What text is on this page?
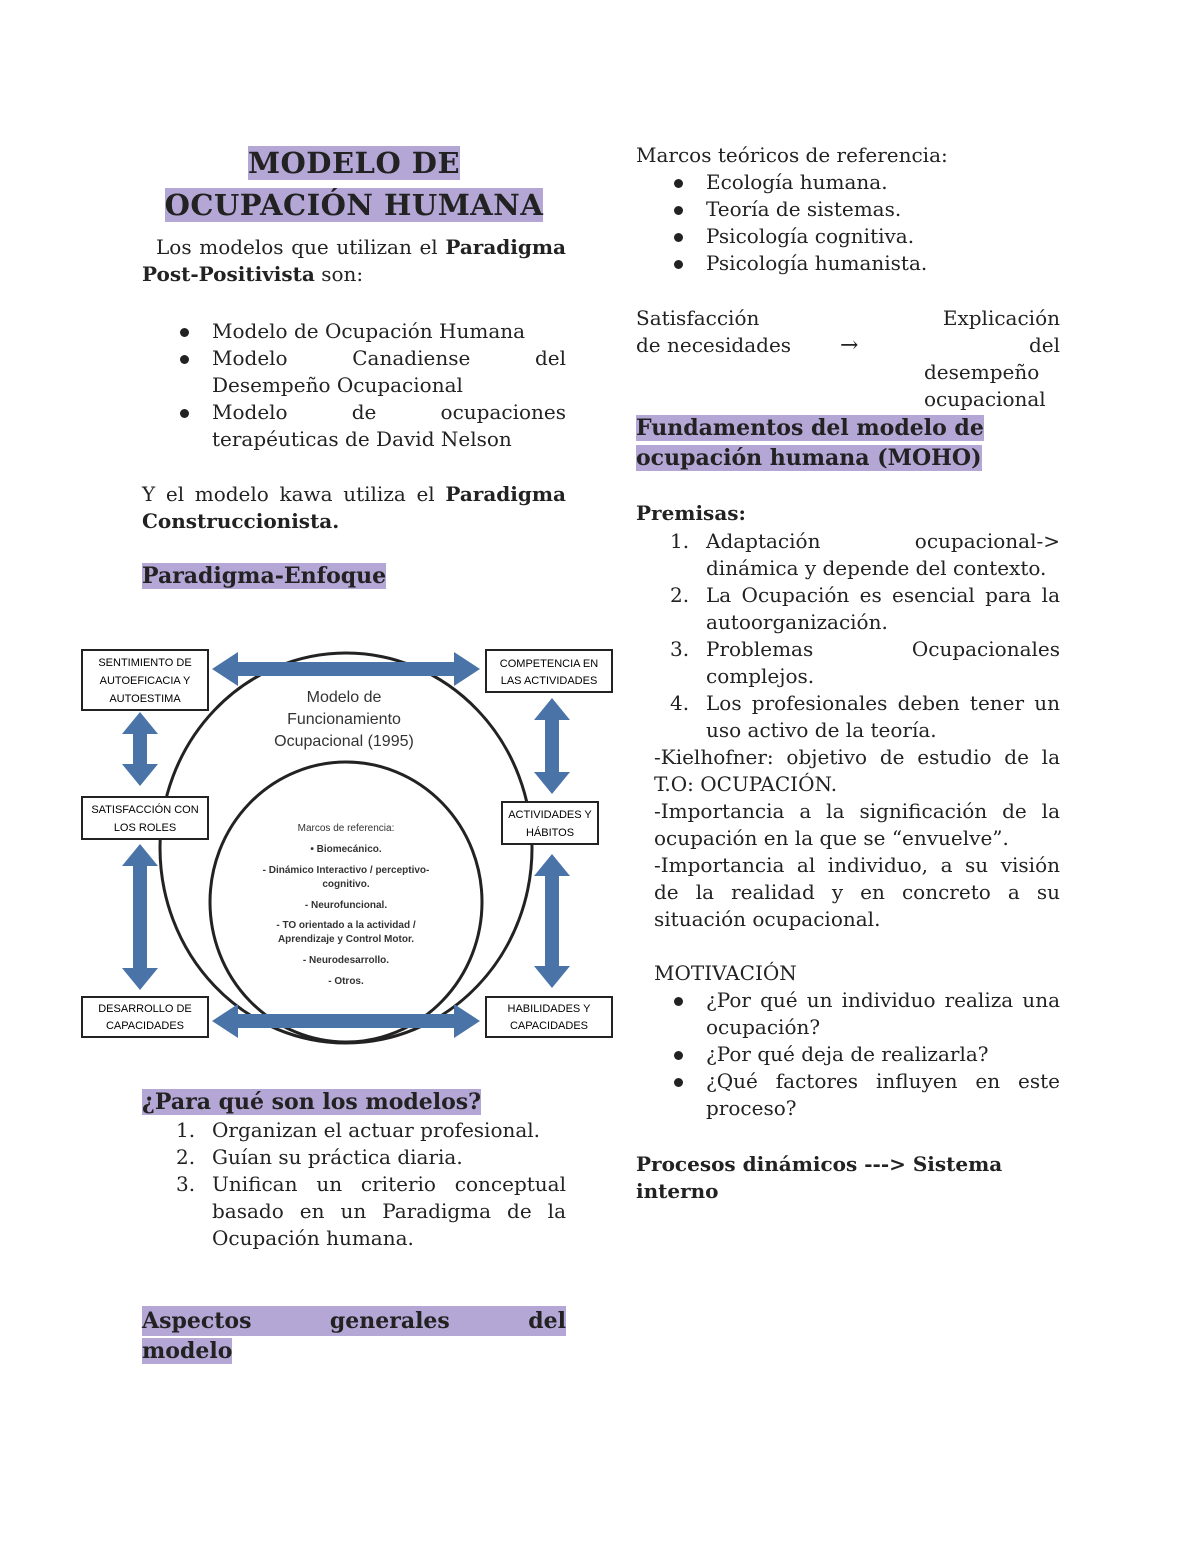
MODELO DE

OCUPACIÓN HUMANA

Los modelos que utilizan el Paradigma Post-Positivista son:

Modelo de Ocupación Humana
Modelo Canadiense del Desempeño Ocupacional
Modelo de ocupaciones terapéuticas de David Nelson

Y el modelo kawa utiliza el Paradigma Construccionista.

Paradigma-Enfoque

SENTIMIENTO DE
AUTOEFICACIA Y
AUTOESTIMA
COMPETENCIA EN
LAS ACTIVIDADES
SATISFACCIÓN CON
LOS ROLES
ACTIVIDADES Y
HÁBITOS
DESARROLLO DE
CAPACIDADES
HABILIDADES Y
CAPACIDADES
Modelo de
Funcionamiento
Ocupacional (1995)
Marcos de referencia:
• Biomecánico.
- Dinámico Interactivo / perceptivo-
cognitivo.
- Neurofuncional.
- TO orientado a la actividad /
Aprendizaje y Control Motor.
- Neurodesarrollo.
- Otros.

¿Para qué son los modelos?

1. Organizan el actuar profesional.
2. Guían su práctica diaria.
3. Unifican un criterio conceptual basado en un Paradigma de la Ocupación humana.

Aspectos	generales	del

modelo

Marcos teóricos de referencia:

Ecología humana.
Teoría de sistemas.
Psicología cognitiva.
Psicología humanista.

Satisfacción

de necesidades →

Explicación del

desempeño

ocupacional

Fundamentos del modelo de

ocupación humana (MOHO)

Premisas:

1. Adaptación ocupacional-> dinámica y depende del contexto.
2. La Ocupación es esencial para la autoorganización.
3. Problemas Ocupacionales complejos.
4. Los profesionales deben tener un uso activo de la teoría.

-Kielhofner: objetivo de estudio de la T.O: OCUPACIÓN.

-Importancia a la significación de la ocupación en la que se “envuelve”.

-Importancia al individuo, a su visión de la realidad y en concreto a su situación ocupacional.

MOTIVACIÓN

¿Por qué un individuo realiza una ocupación?
¿Por qué deja de realizarla?
¿Qué factores influyen en este proceso?

Procesos dinámicos ---> Sistema interno
